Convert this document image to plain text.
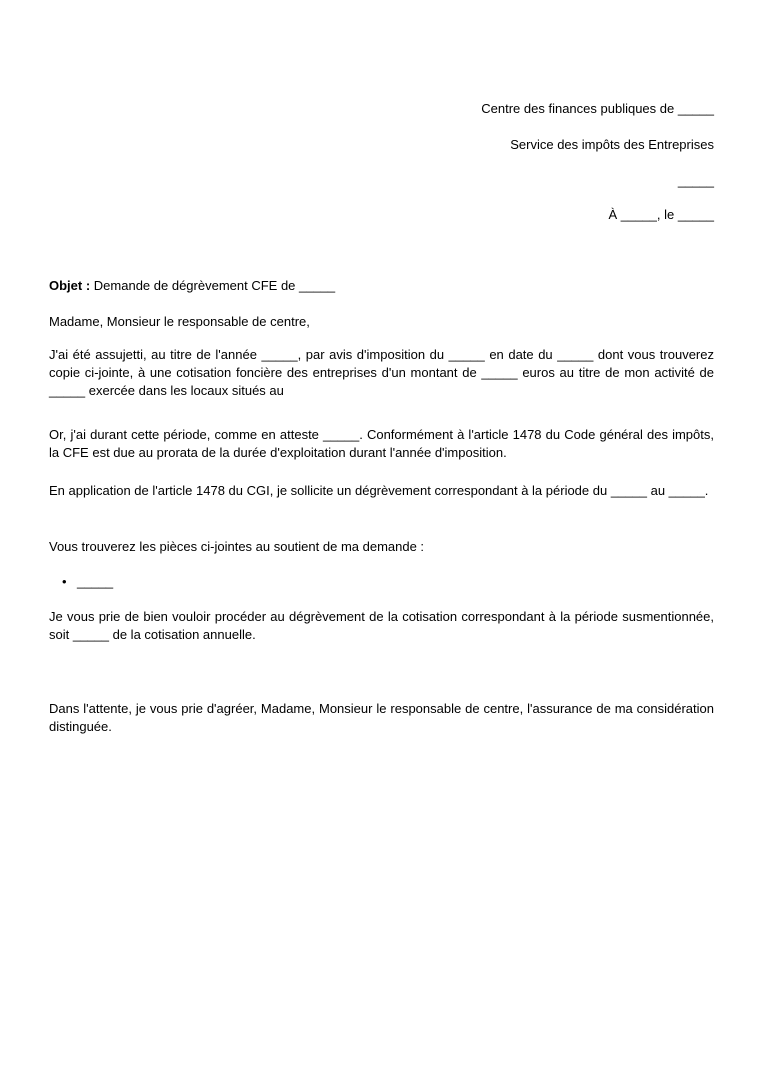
Centre des finances publiques de _____
Service des impôts des Entreprises
_____
À _____, le _____
Objet : Demande de dégrèvement CFE de _____
Madame, Monsieur le responsable de centre,
J'ai été assujetti, au titre de l'année _____, par avis d'imposition du _____ en date du _____ dont vous trouverez copie ci-jointe, à une cotisation foncière des entreprises d'un montant de _____ euros au titre de mon activité de _____ exercée dans les locaux situés au
Or, j'ai durant cette période, comme en atteste _____. Conformément à l'article 1478 du Code général des impôts, la CFE est due au prorata de la durée d'exploitation durant l'année d'imposition.
En application de l'article 1478 du CGI, je sollicite un dégrèvement correspondant à la période du _____ au _____.
Vous trouverez les pièces ci-jointes au soutient de ma demande :
• _____
Je vous prie de bien vouloir procéder au dégrèvement de la cotisation correspondant à la période susmentionnée, soit _____ de la cotisation annuelle.
Dans l'attente, je vous prie d'agréer, Madame, Monsieur le responsable de centre, l'assurance de ma considération distinguée.
